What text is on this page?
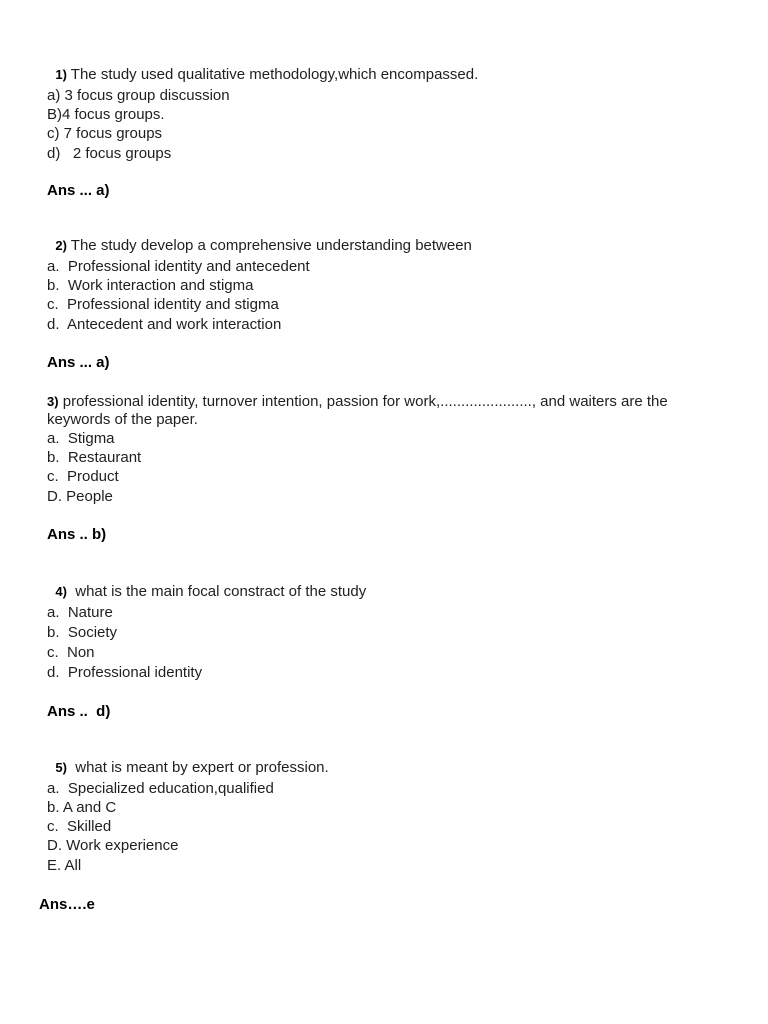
1) The study used qualitative methodology,which encompassed.

a) 3 focus group discussion
B)4 focus groups.
c) 7 focus groups
d)   2 focus groups
Ans ... a)

2) The study develop a comprehensive understanding between

a.  Professional identity and antecedent
b.  Work interaction and stigma
c.  Professional identity and stigma
d.  Antecedent and work interaction
Ans ... a)
3) professional identity, turnover intention, passion for work,......................, and waiters are the keywords of the paper.
a.  Stigma
b.  Restaurant
c.  Product
D. People
Ans .. b)

4)  what is the main focal constract of the study

a.  Nature
b.  Society
c.  Non
d.  Professional identity
Ans ..  d)

5)  what is meant by expert or profession.

a.  Specialized education,qualified
b. A and C
c.  Skilled
D. Work experience
E. All
Ans….e
